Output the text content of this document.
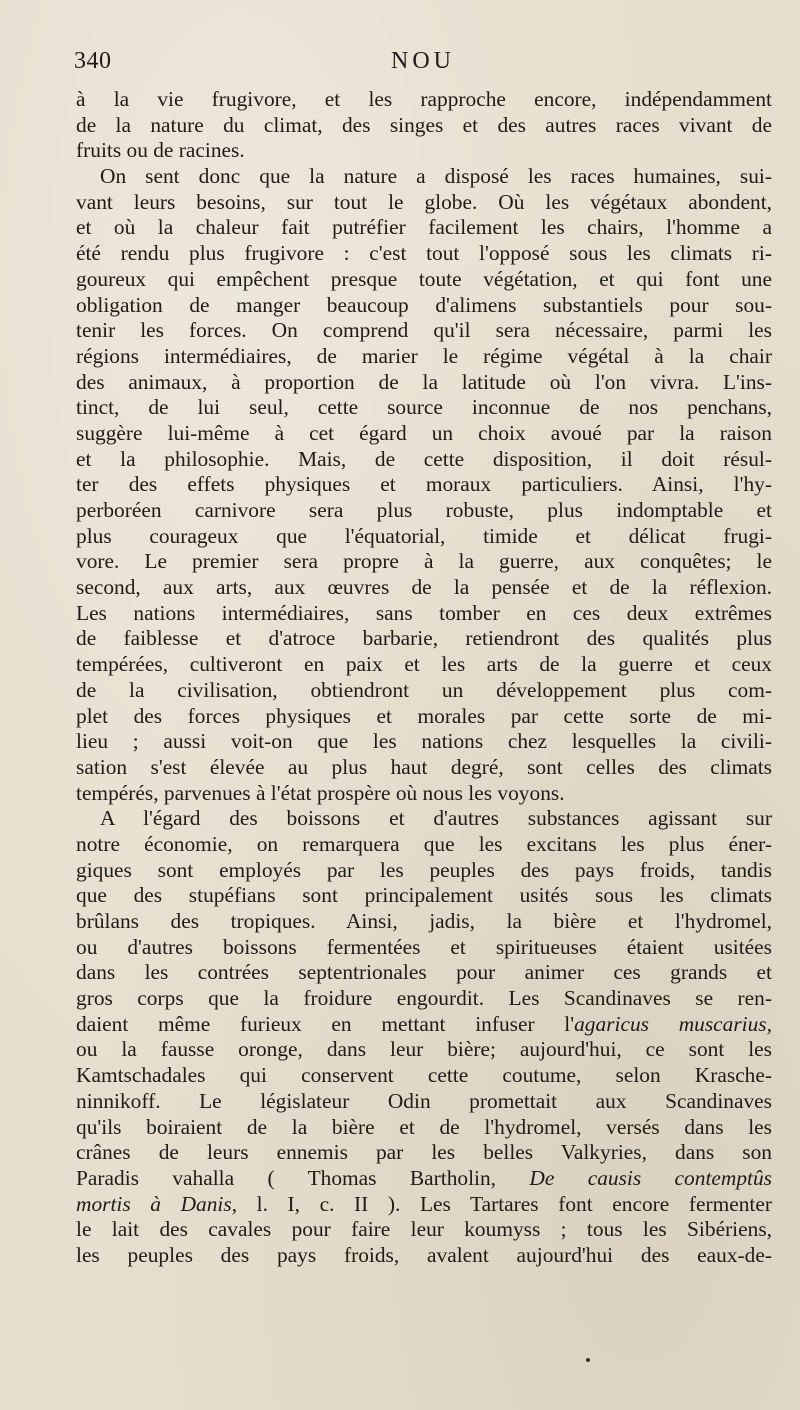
340	NOU
à la vie frugivore, et les rapproche encore, indépendamment
de la nature du climat, des singes et des autres races vivant de
fruits ou de racines.
On sent donc que la nature a disposé les races humaines, sui-
vant leurs besoins, sur tout le globe. Où les végétaux abondent,
et où la chaleur fait putréfier facilement les chairs, l'homme a
été rendu plus frugivore : c'est tout l'opposé sous les climats ri-
goureux qui empêchent presque toute végétation, et qui font une
obligation de manger beaucoup d'alimens substantiels pour sou-
tenir les forces. On comprend qu'il sera nécessaire, parmi les
régions intermédiaires, de marier le régime végétal à la chair
des animaux, à proportion de la latitude où l'on vivra. L'ins-
tinct, de lui seul, cette source inconnue de nos penchans,
suggère lui-même à cet égard un choix avoué par la raison
et la philosophie. Mais, de cette disposition, il doit résul-
ter des effets physiques et moraux particuliers. Ainsi, l'hy-
perboréen carnivore sera plus robuste, plus indomptable et
plus courageux que l'équatorial, timide et délicat frugi-
vore. Le premier sera propre à la guerre, aux conquêtes; le
second, aux arts, aux œuvres de la pensée et de la réflexion.
Les nations intermédiaires, sans tomber en ces deux extrêmes
de faiblesse et d'atroce barbarie, retiendront des qualités plus
tempérées, cultiveront en paix et les arts de la guerre et ceux
de la civilisation, obtiendront un développement plus com-
plet des forces physiques et morales par cette sorte de mi-
lieu ; aussi voit-on que les nations chez lesquelles la civili-
sation s'est élevée au plus haut degré, sont celles des climats
tempérés, parvenues à l'état prospère où nous les voyons.
A l'égard des boissons et d'autres substances agissant sur
notre économie, on remarquera que les excitans les plus éner-
giques sont employés par les peuples des pays froids, tandis
que des stupéfians sont principalement usités sous les climats
brûlans des tropiques. Ainsi, jadis, la bière et l'hydromel,
ou d'autres boissons fermentées et spiritueuses étaient usitées
dans les contrées septentrionales pour animer ces grands et
gros corps que la froidure engourdit. Les Scandinaves se ren-
daient même furieux en mettant infuser l'agaricus muscarius,
ou la fausse oronge, dans leur bière; aujourd'hui, ce sont les
Kamtschadales qui conservent cette coutume, selon Krasche-
ninnikoff. Le législateur Odin promettait aux Scandinaves
qu'ils boiraient de la bière et de l'hydromel, versés dans les
crânes de leurs ennemis par les belles Valkyries, dans son
Paradis vahalla ( Thomas Bartholin, De causis contemptûs
mortis à Danis, l. I, c. II ). Les Tartares font encore fermenter
le lait des cavales pour faire leur koumyss ; tous les Sibériens,
les peuples des pays froids, avalent aujourd'hui des eaux-de-
